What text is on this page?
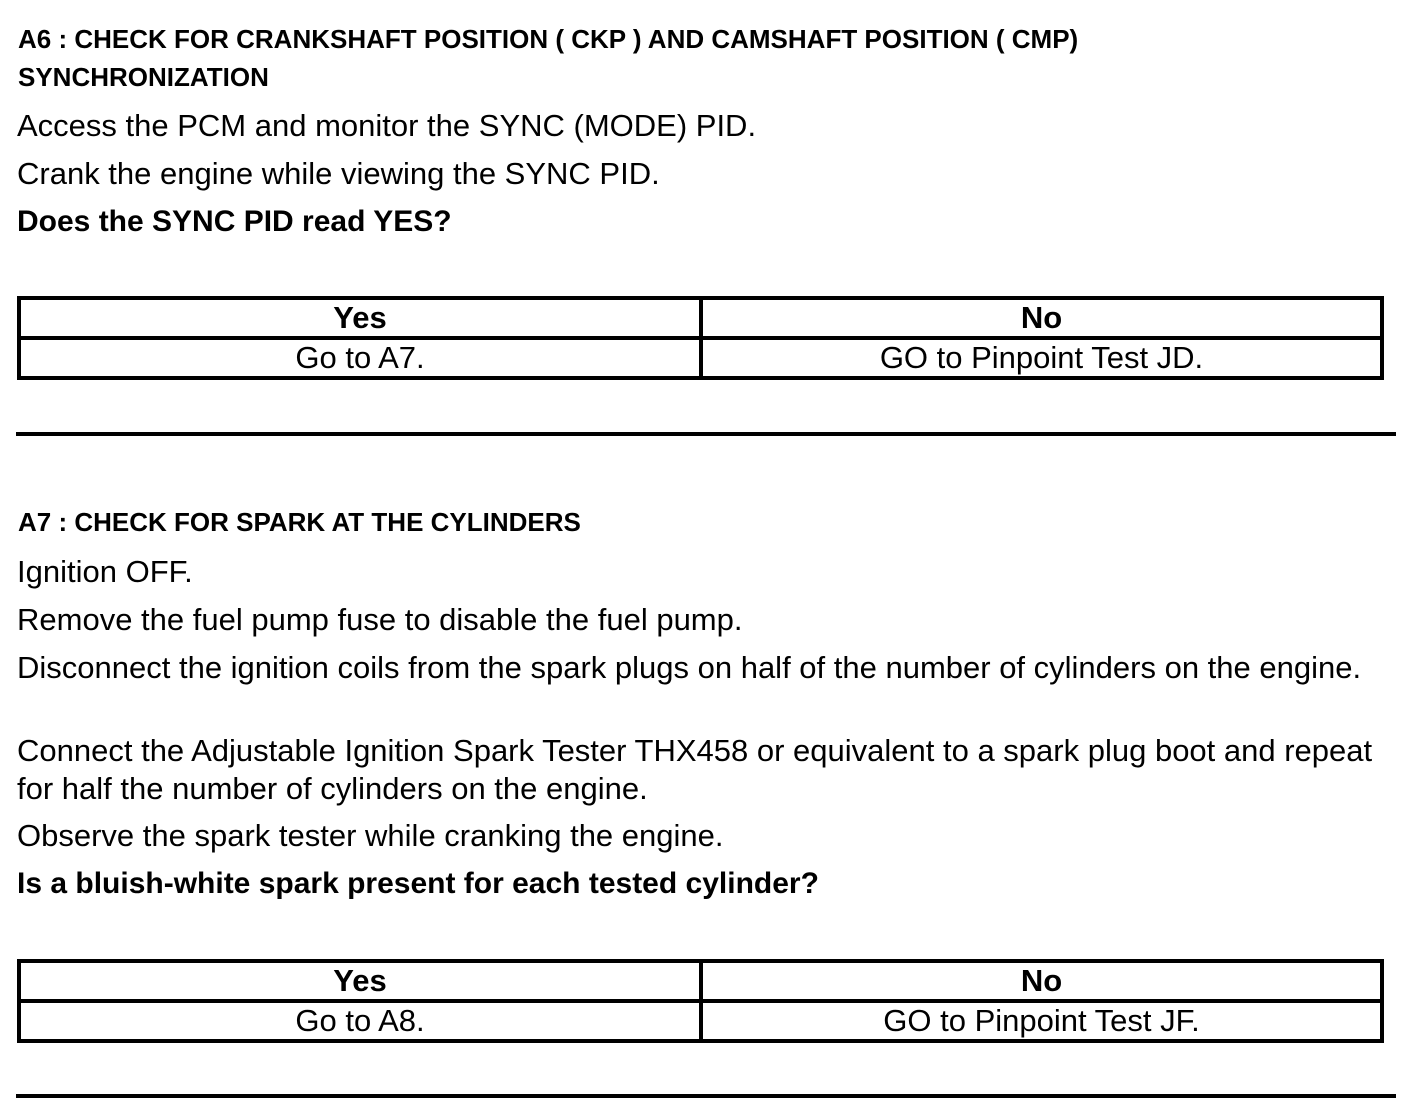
A6 : CHECK FOR CRANKSHAFT POSITION ( CKP ) AND CAMSHAFT POSITION ( CMP) SYNCHRONIZATION
Access the PCM and monitor the SYNC (MODE) PID.
Crank the engine while viewing the SYNC PID.
Does the SYNC PID read YES?
Yes	No
Go to A7.	GO to Pinpoint Test JD.
A7 : CHECK FOR SPARK AT THE CYLINDERS
Ignition OFF.
Remove the fuel pump fuse to disable the fuel pump.
Disconnect the ignition coils from the spark plugs on half of the number of cylinders on the engine.
Connect the Adjustable Ignition Spark Tester THX458 or equivalent to a spark plug boot and repeat for half the number of cylinders on the engine.
Observe the spark tester while cranking the engine.
Is a bluish-white spark present for each tested cylinder?
Yes	No
Go to A8.	GO to Pinpoint Test JF.
